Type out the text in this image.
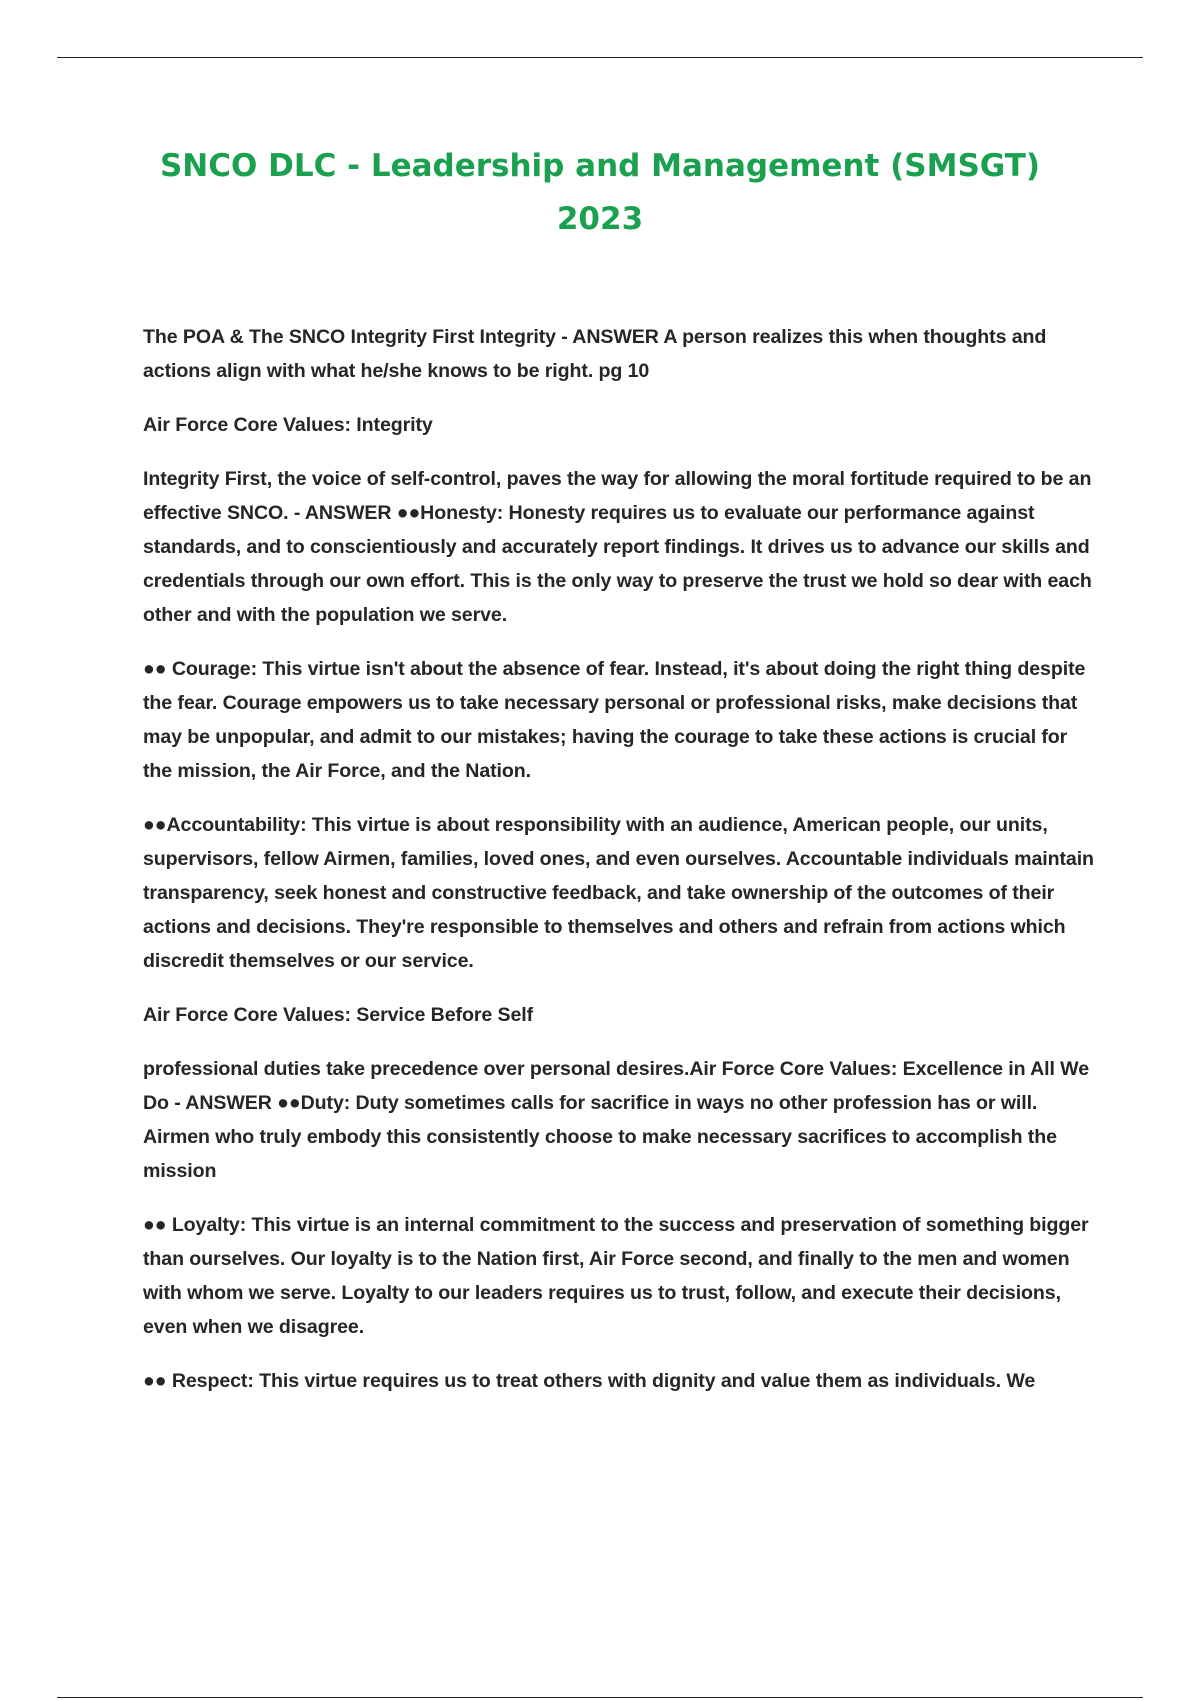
SNCO DLC - Leadership and Management (SMSGT)
2023

The POA & The SNCO Integrity First Integrity - ANSWER A person realizes this when thoughts and actions align with what he/she knows to be right. pg 10

Air Force Core Values: Integrity

Integrity First, the voice of self-control, paves the way for allowing the moral fortitude required to be an effective SNCO. - ANSWER ●●Honesty: Honesty requires us to evaluate our performance against standards, and to conscientiously and accurately report findings. It drives us to advance our skills and credentials through our own effort. This is the only way to preserve the trust we hold so dear with each other and with the population we serve.

●● Courage: This virtue isn't about the absence of fear. Instead, it's about doing the right thing despite the fear. Courage empowers us to take necessary personal or professional risks, make decisions that may be unpopular, and admit to our mistakes; having the courage to take these actions is crucial for the mission, the Air Force, and the Nation.

●●Accountability: This virtue is about responsibility with an audience, American people, our units, supervisors, fellow Airmen, families, loved ones, and even ourselves. Accountable individuals maintain transparency, seek honest and constructive feedback, and take ownership of the outcomes of their actions and decisions. They're responsible to themselves and others and refrain from actions which discredit themselves or our service.

Air Force Core Values: Service Before Self

professional duties take precedence over personal desires.Air Force Core Values: Excellence in All We Do - ANSWER ●●Duty: Duty sometimes calls for sacrifice in ways no other profession has or will. Airmen who truly embody this consistently choose to make necessary sacrifices to accomplish the mission

●● Loyalty: This virtue is an internal commitment to the success and preservation of something bigger than ourselves. Our loyalty is to the Nation first, Air Force second, and finally to the men and women with whom we serve. Loyalty to our leaders requires us to trust, follow, and execute their decisions, even when we disagree.

●● Respect: This virtue requires us to treat others with dignity and value them as individuals. We
